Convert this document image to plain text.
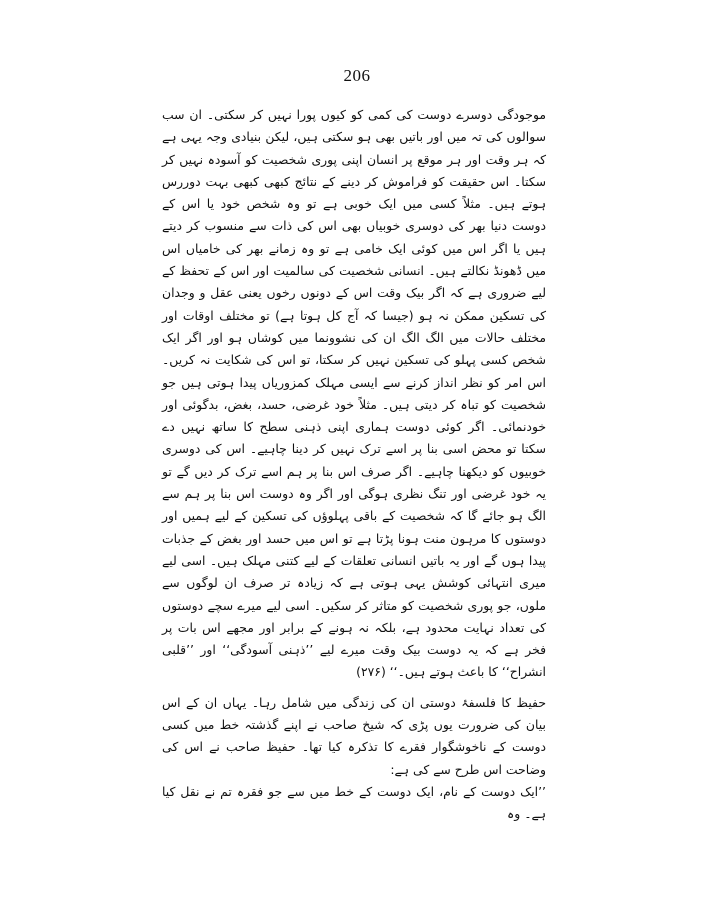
206

موجودگی دوسرے دوست کی کمی کو کیوں پورا نہیں کر سکتی۔ ان سب سوالوں کی تہ میں اور باتیں بھی ہو سکتی ہیں، لیکن بنیادی وجہ یہی ہے کہ ہر وقت اور ہر موقع پر انسان اپنی پوری شخصیت کو آسودہ نہیں کر سکتا۔ اس حقیقت کو فراموش کر دینے کے نتائج کبھی کبھی بہت دوررس ہوتے ہیں۔ مثلاً کسی میں ایک خوبی ہے تو وہ شخص خود یا اس کے دوست دنیا بھر کی دوسری خوبیاں بھی اس کی ذات سے منسوب کر دیتے ہیں یا اگر اس میں کوئی ایک خامی ہے تو وہ زمانے بھر کی خامیاں اس میں ڈھونڈ نکالتے ہیں۔ انسانی شخصیت کی سالمیت اور اس کے تحفظ کے لیے ضروری ہے کہ اگر بیک وقت اس کے دونوں رخوں یعنی عقل و وجدان کی تسکین ممکن نہ ہو (جیسا کہ آج کل ہوتا ہے) تو مختلف اوقات اور مختلف حالات میں الگ الگ ان کی نشوونما میں کوشاں ہو اور اگر ایک شخص کسی پہلو کی تسکین نہیں کر سکتا، تو اس کی شکایت نہ کریں۔ اس امر کو نظر انداز کرنے سے ایسی مہلک کمزوریاں پیدا ہوتی ہیں جو شخصیت کو تباہ کر دیتی ہیں۔ مثلاً خود غرضی، حسد، بغض، بدگوئی اور خودنمائی۔ اگر کوئی دوست ہماری اپنی ذہنی سطح کا ساتھ نہیں دے سکتا تو محض اسی بنا پر اسے ترک نہیں کر دینا چاہیے۔ اس کی دوسری خوبیوں کو دیکھنا چاہیے۔ اگر صرف اس بنا پر ہم اسے ترک کر دیں گے تو یہ خود غرضی اور تنگ نظری ہوگی اور اگر وہ دوست اس بنا پر ہم سے الگ ہو جائے گا کہ شخصیت کے باقی پہلوؤں کی تسکین کے لیے ہمیں اور دوستوں کا مرہون منت ہونا پڑتا ہے تو اس میں حسد اور بغض کے جذبات پیدا ہوں گے اور یہ باتیں انسانی تعلقات کے لیے کتنی مہلک ہیں۔ اسی لیے میری انتہائی کوشش یہی ہوتی ہے کہ زیادہ تر صرف ان لوگوں سے ملوں، جو پوری شخصیت کو متاثر کر سکیں۔ اسی لیے میرے سچے دوستوں کی تعداد نہایت محدود ہے، بلکہ نہ ہونے کے برابر اور مجھے اس بات پر فخر ہے کہ یہ دوست بیک وقت میرے لیے ’’ذہنی آسودگی‘‘ اور ’’قلبی انشراح‘‘ کا باعث ہوتے ہیں۔‘‘ (۲۷۶)

حفیظ کا فلسفۂ دوستی ان کی زندگی میں شامل رہا۔ یہاں ان کے اس بیان کی ضرورت یوں پڑی کہ شیخ صاحب نے اپنے گذشتہ خط میں کسی دوست کے ناخوشگوار فقرے کا تذکرہ کیا تھا۔ حفیظ صاحب نے اس کی وضاحت اس طرح سے کی ہے:

’’ایک دوست کے نام، ایک دوست کے خط میں سے جو فقرہ تم نے نقل کیا ہے۔ وہ
